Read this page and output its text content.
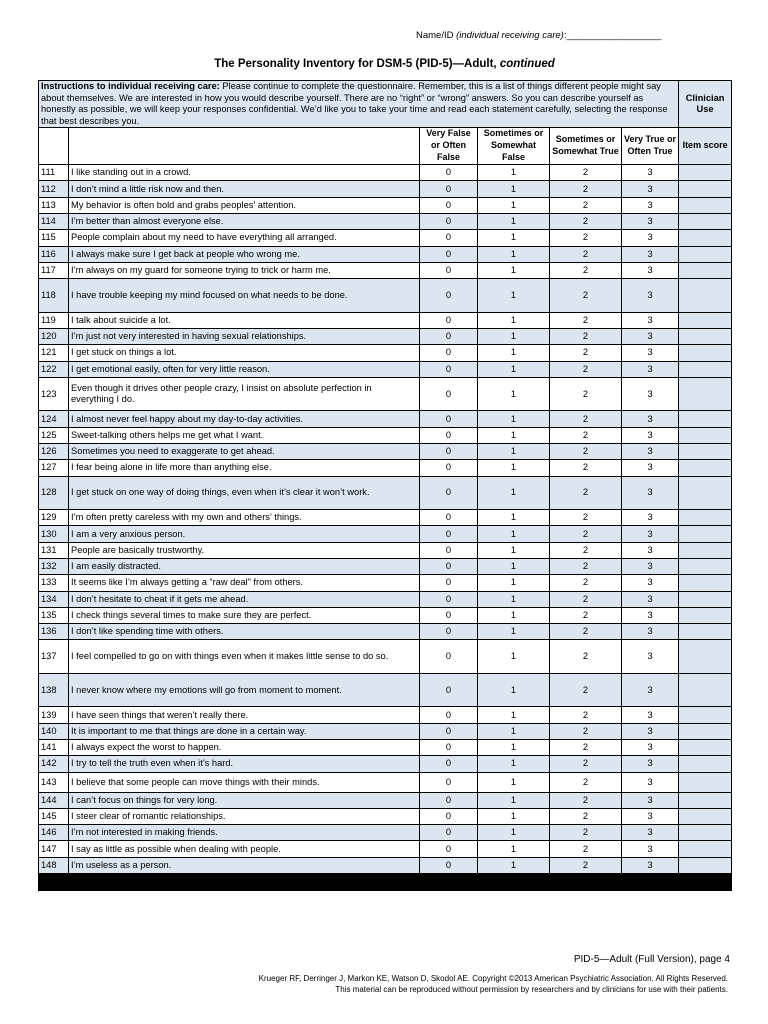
Name/ID (individual receiving care):__________________
The Personality Inventory for DSM-5 (PID-5)—Adult, continued
Instructions to individual receiving care: Please continue to complete the questionnaire. Remember, this is a list of things different people might say about themselves. We are interested in how you would describe yourself. There are no “right” or “wrong” answers. So you can describe yourself as honestly as possible, we will keep your responses confidential. We’d like you to take your time and read each statement carefully, selecting the response that best describes you.						Clinician Use
		Very False or Often False	Sometimes or Somewhat False	Sometimes or Somewhat True	Very True or Often True	Item score
111	I like standing out in a crowd.	0	1	2	3	
112	I don’t mind a little risk now and then.	0	1	2	3	
113	My behavior is often bold and grabs peoples’ attention.	0	1	2	3	
114	I’m better than almost everyone else.	0	1	2	3	
115	People complain about my need to have everything all arranged.	0	1	2	3	
116	I always make sure I get back at people who wrong me.	0	1	2	3	
117	I’m always on my guard for someone trying to trick or harm me.	0	1	2	3	
118	I have trouble keeping my mind focused on what needs to be done.	0	1	2	3	
119	I talk about suicide a lot.	0	1	2	3	
120	I’m just not very interested in having sexual relationships.	0	1	2	3	
121	I get stuck on things a lot.	0	1	2	3	
122	I get emotional easily, often for very little reason.	0	1	2	3	
123	Even though it drives other people crazy, I insist on absolute perfection in everything I do.	0	1	2	3	
124	I almost never feel happy about my day-to-day activities.	0	1	2	3	
125	Sweet-talking others helps me get what I want.	0	1	2	3	
126	Sometimes you need to exaggerate to get ahead.	0	1	2	3	
127	I fear being alone in life more than anything else.	0	1	2	3	
128	I get stuck on one way of doing things, even when it’s clear it won’t work.	0	1	2	3	
129	I’m often pretty careless with my own and others’ things.	0	1	2	3	
130	I am a very anxious person.	0	1	2	3	
131	People are basically trustworthy.	0	1	2	3	
132	I am easily distracted.	0	1	2	3	
133	It seems like I’m always getting a “raw deal” from others.	0	1	2	3	
134	I don’t hesitate to cheat if it gets me ahead.	0	1	2	3	
135	I check things several times to make sure they are perfect.	0	1	2	3	
136	I don’t like spending time with others.	0	1	2	3	
137	I feel compelled to go on with things even when it makes little sense to do so.	0	1	2	3	
138	I never know where my emotions will go from moment to moment.	0	1	2	3	
139	I have seen things that weren’t really there.	0	1	2	3	
140	It is important to me that things are done in a certain way.	0	1	2	3	
141	I always expect the worst to happen.	0	1	2	3	
142	I try to tell the truth even when it’s hard.	0	1	2	3	
143	I believe that some people can move things with their minds.	0	1	2	3	
144	I can’t focus on things for very long.	0	1	2	3	
145	I steer clear of romantic relationships.	0	1	2	3	
146	I’m not interested in making friends.	0	1	2	3	
147	I say as little as possible when dealing with people.	0	1	2	3	
148	I’m useless as a person.	0	1	2	3	

PID-5—Adult (Full Version), page 4
Krueger RF, Derringer J, Markon KE, Watson D, Skodol AE. Copyright ©2013 American Psychiatric Association. All Rights Reserved.
This material can be reproduced without permission by researchers and by clinicians for use with their patients.
